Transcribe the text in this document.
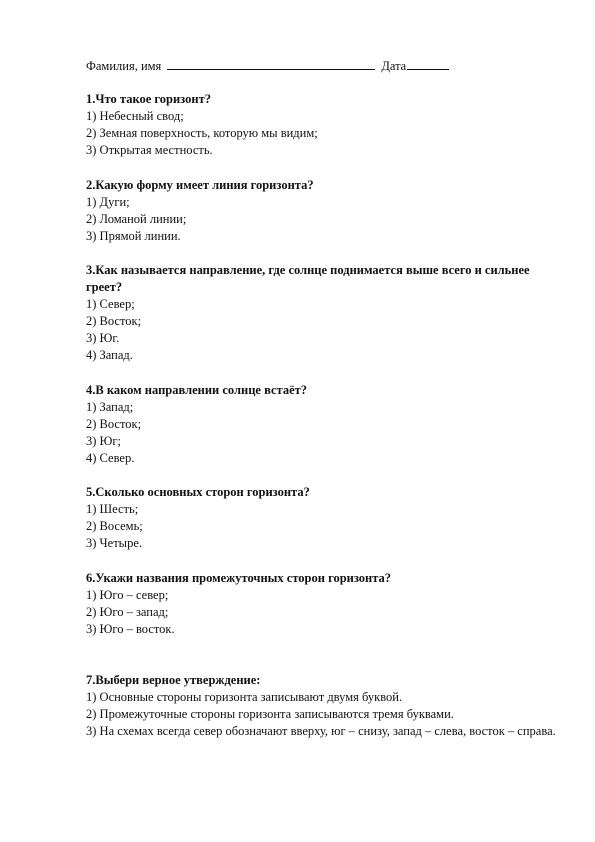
Фамилия, имя	Дата
1.Что такое горизонт?
1) Небесный свод;
2) Земная поверхность, которую мы видим;
3) Открытая местность.
2.Какую форму имеет линия горизонта?
1) Дуги;
2) Ломаной линии;
3) Прямой линии.
3.Как называется направление, где солнце поднимается выше всего и сильнее греет?
1) Север;
2) Восток;
3) Юг.
4) Запад.
4.В каком направлении солнце встаёт?
1) Запад;
2) Восток;
3) Юг;
4) Север.
5.Сколько основных сторон горизонта?
1) Шесть;
2) Восемь;
3) Четыре.
6.Укажи названия промежуточных сторон горизонта?
1) Юго – север;
2) Юго – запад;
3) Юго – восток.
7.Выбери верное утверждение:
1) Основные стороны горизонта записывают двумя буквой.
2) Промежуточные стороны горизонта записываются тремя буквами.
3) На схемах всегда север обозначают вверху, юг – снизу, запад – слева, восток – справа.
